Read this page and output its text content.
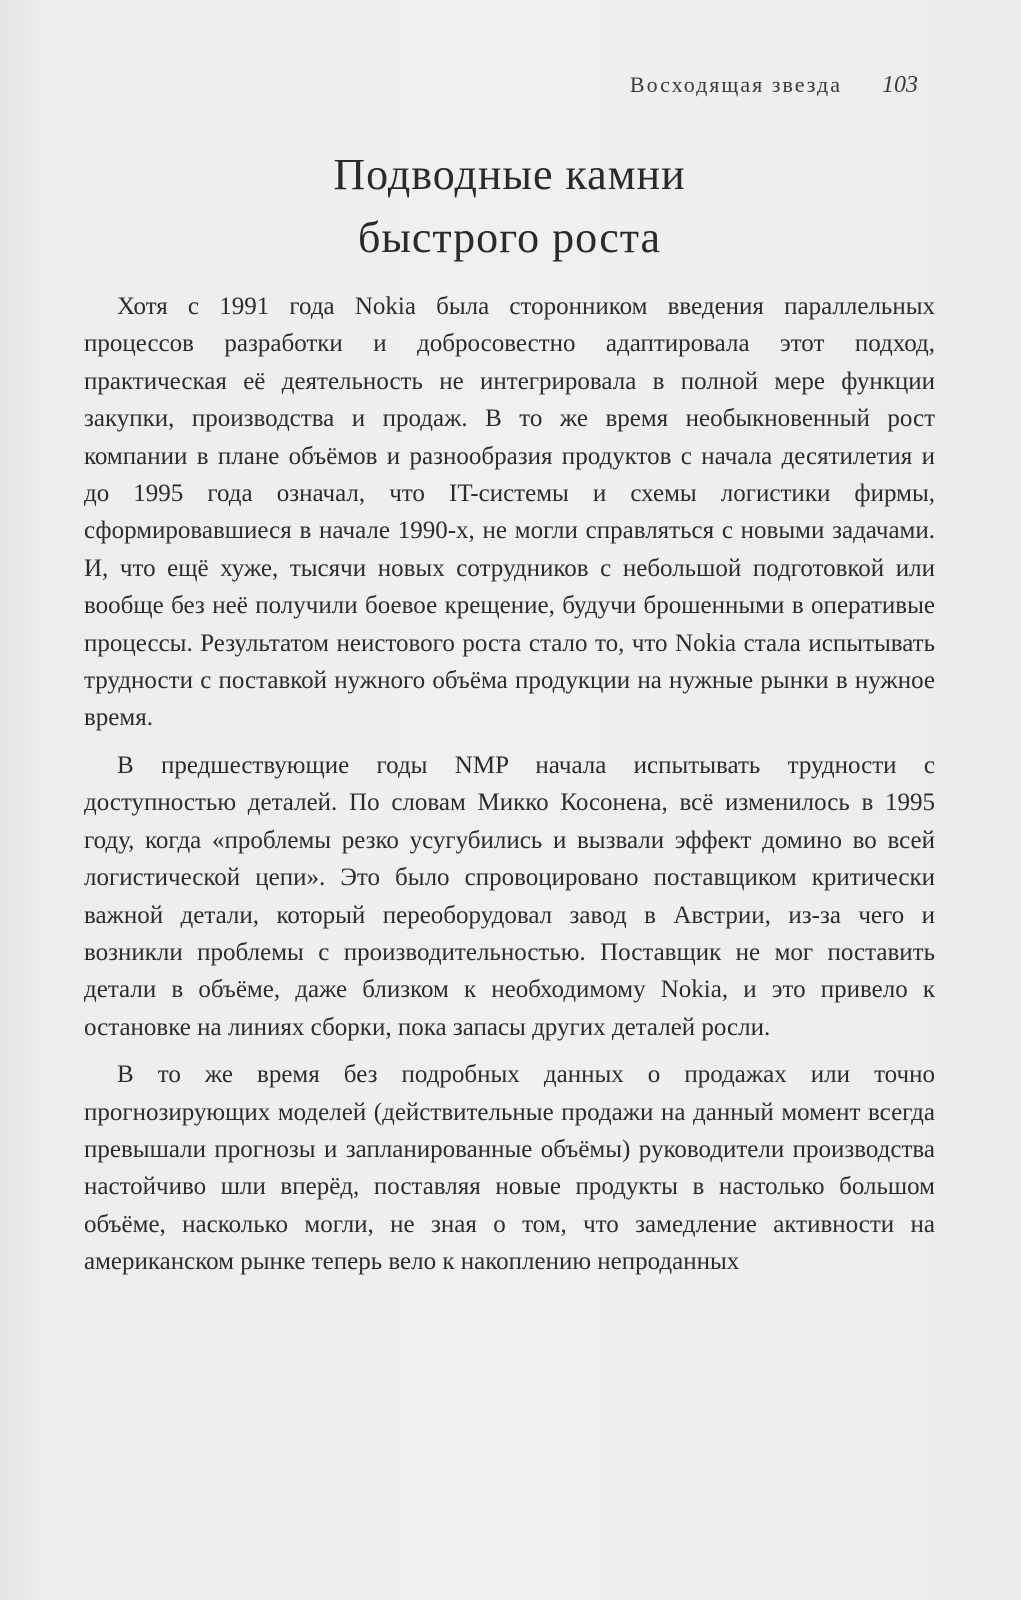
Восходящая звезда 103
Подводные камни
быстрого роста

Хотя с 1991 года Nokia была сторонником введения параллельных процессов разработки и добросовестно адаптировала этот подход, практическая её деятельность не интегрировала в полной мере функции закупки, производства и продаж. В то же время необыкновенный рост компании в плане объёмов и разнообразия продуктов с начала десятилетия и до 1995 года означал, что IT-системы и схемы логистики фирмы, сформировавшиеся в начале 1990-х, не могли справляться с новыми задачами. И, что ещё хуже, тысячи новых сотрудников с небольшой подготовкой или вообще без неё получили боевое крещение, будучи брошенными в оперативые процессы. Результатом неистового роста стало то, что Nokia стала испытывать трудности с поставкой нужного объёма продукции на нужные рынки в нужное время.

В предшествующие годы NMP начала испытывать трудности с доступностью деталей. По словам Микко Косонена, всё изменилось в 1995 году, когда «проблемы резко усугубились и вызвали эффект домино во всей логистической цепи». Это было спровоцировано поставщиком критически важной детали, который переоборудовал завод в Австрии, из-за чего и возникли проблемы с производительностью. Поставщик не мог поставить детали в объёме, даже близком к необходимому Nokia, и это привело к остановке на линиях сборки, пока запасы других деталей росли.

В то же время без подробных данных о продажах или точно прогнозирующих моделей (действительные продажи на данный момент всегда превышали прогнозы и запланированные объёмы) руководители производства настойчиво шли вперёд, поставляя новые продукты в настолько большом объёме, насколько могли, не зная о том, что замедление активности на американском рынке теперь вело к накоплению непроданных
